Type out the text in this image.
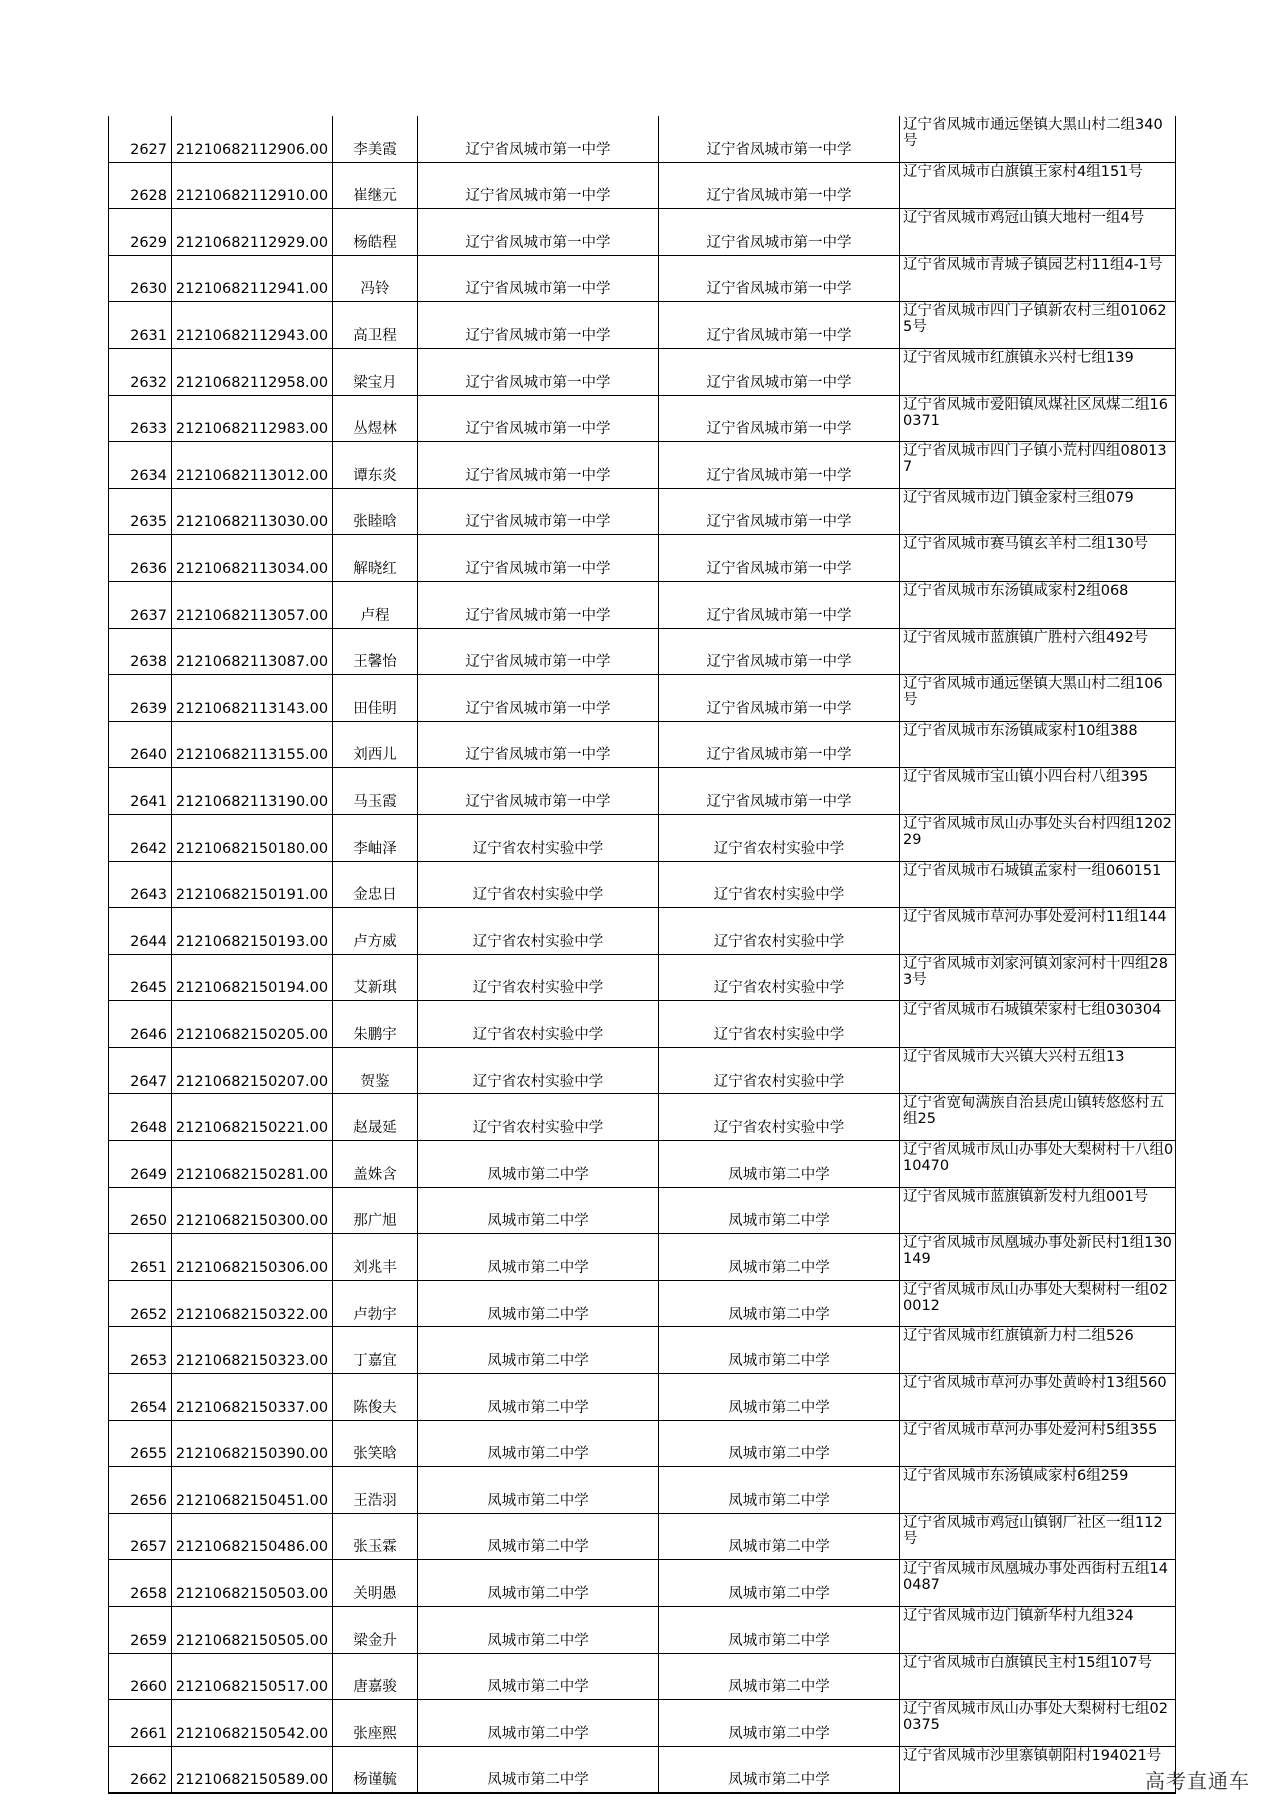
2627	21210682112906.00	李美霞	辽宁省凤城市第一中学	辽宁省凤城市第一中学	辽宁省凤城市通远堡镇大黑山村二组340号
2628	21210682112910.00	崔继元	辽宁省凤城市第一中学	辽宁省凤城市第一中学	辽宁省凤城市白旗镇王家村4组151号
2629	21210682112929.00	杨皓程	辽宁省凤城市第一中学	辽宁省凤城市第一中学	辽宁省凤城市鸡冠山镇大地村一组4号
2630	21210682112941.00	冯铃	辽宁省凤城市第一中学	辽宁省凤城市第一中学	辽宁省凤城市青城子镇园艺村11组4-1号
2631	21210682112943.00	高卫程	辽宁省凤城市第一中学	辽宁省凤城市第一中学	辽宁省凤城市四门子镇新农村三组010625号
2632	21210682112958.00	梁宝月	辽宁省凤城市第一中学	辽宁省凤城市第一中学	辽宁省凤城市红旗镇永兴村七组139
2633	21210682112983.00	丛煜林	辽宁省凤城市第一中学	辽宁省凤城市第一中学	辽宁省凤城市爱阳镇凤煤社区凤煤二组160371
2634	21210682113012.00	谭东炎	辽宁省凤城市第一中学	辽宁省凤城市第一中学	辽宁省凤城市四门子镇小荒村四组080137
2635	21210682113030.00	张睦晗	辽宁省凤城市第一中学	辽宁省凤城市第一中学	辽宁省凤城市边门镇金家村三组079
2636	21210682113034.00	解晓红	辽宁省凤城市第一中学	辽宁省凤城市第一中学	辽宁省凤城市赛马镇玄羊村二组130号
2637	21210682113057.00	卢程	辽宁省凤城市第一中学	辽宁省凤城市第一中学	辽宁省凤城市东汤镇咸家村2组068
2638	21210682113087.00	王馨怡	辽宁省凤城市第一中学	辽宁省凤城市第一中学	辽宁省凤城市蓝旗镇广胜村六组492号
2639	21210682113143.00	田佳明	辽宁省凤城市第一中学	辽宁省凤城市第一中学	辽宁省凤城市通远堡镇大黑山村二组106号
2640	21210682113155.00	刘西儿	辽宁省凤城市第一中学	辽宁省凤城市第一中学	辽宁省凤城市东汤镇咸家村10组388
2641	21210682113190.00	马玉霞	辽宁省凤城市第一中学	辽宁省凤城市第一中学	辽宁省凤城市宝山镇小四台村八组395
2642	21210682150180.00	李岫泽	辽宁省农村实验中学	辽宁省农村实验中学	辽宁省凤城市凤山办事处头台村四组120229
2643	21210682150191.00	金忠日	辽宁省农村实验中学	辽宁省农村实验中学	辽宁省凤城市石城镇孟家村一组060151
2644	21210682150193.00	卢方威	辽宁省农村实验中学	辽宁省农村实验中学	辽宁省凤城市草河办事处爱河村11组144
2645	21210682150194.00	艾新琪	辽宁省农村实验中学	辽宁省农村实验中学	辽宁省凤城市刘家河镇刘家河村十四组283号
2646	21210682150205.00	朱鹏宇	辽宁省农村实验中学	辽宁省农村实验中学	辽宁省凤城市石城镇荣家村七组030304
2647	21210682150207.00	贺鉴	辽宁省农村实验中学	辽宁省农村实验中学	辽宁省凤城市大兴镇大兴村五组13
2648	21210682150221.00	赵晟延	辽宁省农村实验中学	辽宁省农村实验中学	辽宁省宽甸满族自治县虎山镇转悠悠村五组25
2649	21210682150281.00	盖姝含	凤城市第二中学	凤城市第二中学	辽宁省凤城市凤山办事处大梨树村十八组010470
2650	21210682150300.00	那广旭	凤城市第二中学	凤城市第二中学	辽宁省凤城市蓝旗镇新发村九组001号
2651	21210682150306.00	刘兆丰	凤城市第二中学	凤城市第二中学	辽宁省凤城市凤凰城办事处新民村1组130149
2652	21210682150322.00	卢勃宇	凤城市第二中学	凤城市第二中学	辽宁省凤城市凤山办事处大梨树村一组020012
2653	21210682150323.00	丁嘉宜	凤城市第二中学	凤城市第二中学	辽宁省凤城市红旗镇新力村二组526
2654	21210682150337.00	陈俊夫	凤城市第二中学	凤城市第二中学	辽宁省凤城市草河办事处黄岭村13组560
2655	21210682150390.00	张笑晗	凤城市第二中学	凤城市第二中学	辽宁省凤城市草河办事处爱河村5组355
2656	21210682150451.00	王浩羽	凤城市第二中学	凤城市第二中学	辽宁省凤城市东汤镇咸家村6组259
2657	21210682150486.00	张玉霖	凤城市第二中学	凤城市第二中学	辽宁省凤城市鸡冠山镇钢厂社区一组112号
2658	21210682150503.00	关明愚	凤城市第二中学	凤城市第二中学	辽宁省凤城市凤凰城办事处西街村五组140487
2659	21210682150505.00	梁金升	凤城市第二中学	凤城市第二中学	辽宁省凤城市边门镇新华村九组324
2660	21210682150517.00	唐嘉骏	凤城市第二中学	凤城市第二中学	辽宁省凤城市白旗镇民主村15组107号
2661	21210682150542.00	张座熙	凤城市第二中学	凤城市第二中学	辽宁省凤城市凤山办事处大梨树村七组020375
2662	21210682150589.00	杨谨毓	凤城市第二中学	凤城市第二中学	辽宁省凤城市沙里寨镇朝阳村194021号
高考直通车
